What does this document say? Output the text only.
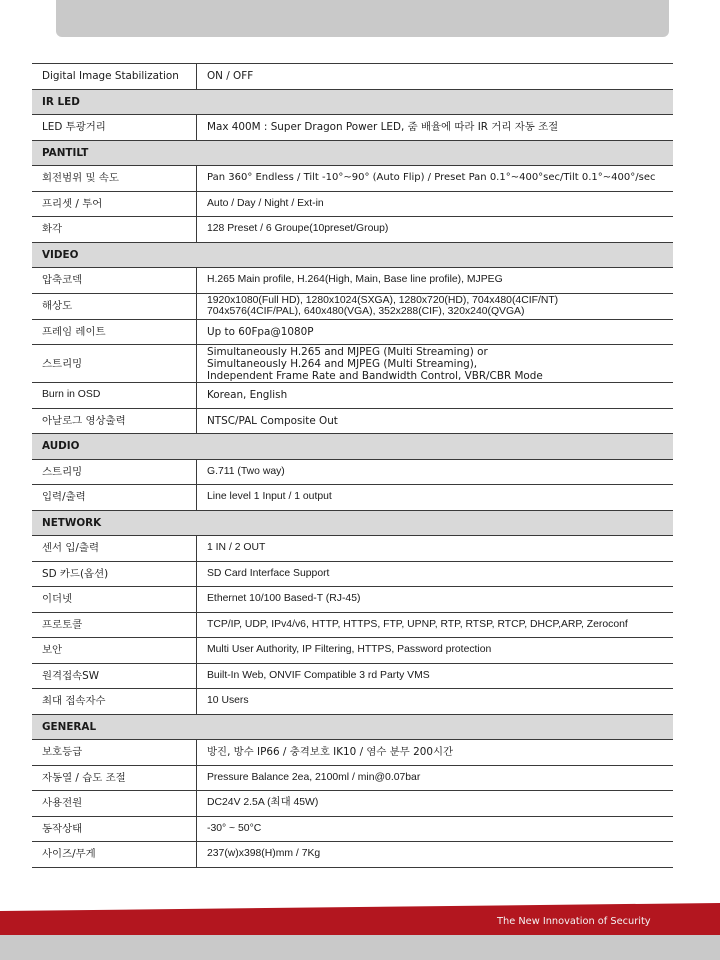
Digital Image Stabilization	ON / OFF
IR LED	
LED 투광거리	Max 400M : Super Dragon Power LED, 줌 배율에 따라 IR 거리 자동 조절
PANTILT	
회전범위 및 속도	Pan 360° Endless / Tilt -10°~90° (Auto Flip) / Preset Pan 0.1°~400°sec/Tilt 0.1°~400°/sec
프리셋 / 투어	Auto / Day / Night / Ext-in
화각	128 Preset / 6 Groupe(10preset/Group)
VIDEO	
압축코덱	H.265 Main profile, H.264(High, Main, Base line profile), MJPEG
해상도	1920x1080(Full HD), 1280x1024(SXGA), 1280x720(HD), 704x480(4CIF/NT)
704x576(4CIF/PAL), 640x480(VGA), 352x288(CIF), 320x240(QVGA)

프레임 레이트	Up to 60Fpa@1080P
스트리밍	Simultaneously H.265 and MJPEG (Multi Streaming) or
Simultaneously H.264 and MJPEG (Multi Streaming),
Independent Frame Rate and Bandwidth Control, VBR/CBR Mode

Burn in OSD	Korean, English
아날로그 영상출력	NTSC/PAL Composite Out
AUDIO	
스트리밍	G.711 (Two way)
입력/출력	Line level 1 Input / 1 output
NETWORK	
센서 입/출력	1 IN / 2 OUT
SD 카드(옵션)	SD Card Interface Support
이더넷	Ethernet 10/100 Based-T (RJ-45)
프로토콜	TCP/IP, UDP, IPv4/v6, HTTP, HTTPS, FTP, UPNP, RTP, RTSP, RTCP, DHCP,ARP, Zeroconf
보안	Multi User Authority, IP Filtering, HTTPS, Password protection
원격접속SW	Built-In Web, ONVIF Compatible 3 rd Party VMS
최대 접속자수	10 Users
GENERAL	
보호등급	방진, 방수 IP66 / 충격보호 IK10 / 염수 분무 200시간
자동열 / 습도 조절	Pressure Balance 2ea, 2100ml / min@0.07bar
사용전원	DC24V 2.5A (최대 45W)
동작상태	-30° ~ 50°C
사이즈/무게	237(w)x398(H)mm / 7Kg
The New Innovation of Security
